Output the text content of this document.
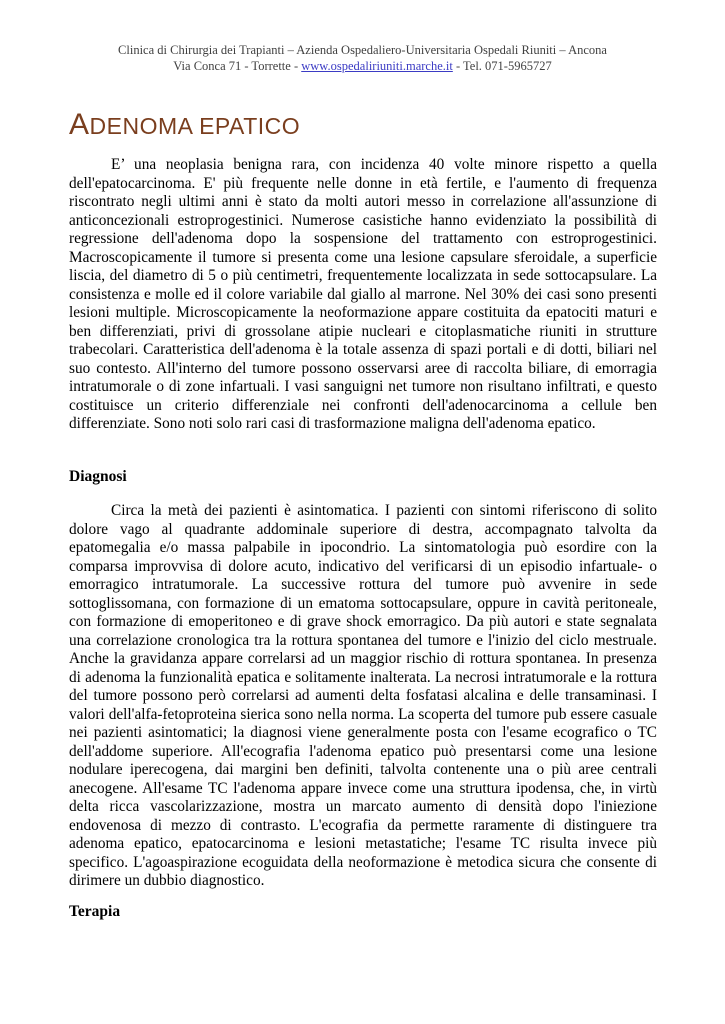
Clinica di Chirurgia dei Trapianti – Azienda Ospedaliero-Universitaria Ospedali Riuniti – Ancona
Via Conca 71 - Torrette - www.ospedaliriuniti.marche.it - Tel. 071-5965727
ADENOMA EPATICO

E’ una neoplasia benigna rara, con incidenza 40 volte minore rispetto a quella dell'epatocarcinoma. E' più frequente nelle donne in età fertile, e l'aumento di frequenza riscontrato negli ultimi anni è stato da molti autori messo in correlazione all'assunzione di anticoncezionali estroprogestinici. Numerose casistiche hanno evidenziato la possibilità di regressione dell'adenoma dopo la sospensione del trattamento con estroprogestinici. Macroscopicamente il tumore si presenta come una lesione capsulare sferoidale, a superficie liscia, del diametro di 5 o più centimetri, frequentemente localizzata in sede sottocapsulare. La consistenza e molle ed il colore variabile dal giallo al marrone. Nel 30% dei casi sono presenti lesioni multiple. Microscopicamente la neoformazione appare costituita da epatociti maturi e ben differenziati, privi di grossolane atipie nucleari e citoplasmatiche riuniti in strutture trabecolari. Caratteristica dell'adenoma è la totale assenza di spazi portali e di dotti, biliari nel suo contesto. All'interno del tumore possono osservarsi aree di raccolta biliare, di emorragia intratumorale o di zone infartuali. I vasi sanguigni net tumore non risultano infiltrati, e questo costituisce un criterio differenziale nei confronti dell'adenocarcinoma a cellule ben differenziate. Sono noti solo rari casi di trasformazione maligna dell'adenoma epatico.

Diagnosi

Circa la metà dei pazienti è asintomatica. I pazienti con sintomi riferiscono di solito dolore vago al quadrante addominale superiore di destra, accompagnato talvolta da epatomegalia e/o massa palpabile in ipocondrio. La sintomatologia può esordire con la comparsa improvvisa di dolore acuto, indicativo del verificarsi di un episodio infartuale- o emorragico intratumorale. La successive rottura del tumore può avvenire in sede sottoglissomana, con formazione di un ematoma sottocapsulare, oppure in cavità peritoneale, con formazione di emoperitoneo e di grave shock emorragico. Da più autori e state segnalata una correlazione cronologica tra la rottura spontanea del tumore e l'inizio del ciclo mestruale. Anche la gravidanza appare correlarsi ad un maggior rischio di rottura spontanea. In presenza di adenoma la funzionalità epatica e solitamente inalterata. La necrosi intratumorale e la rottura del tumore possono però correlarsi ad aumenti delta fosfatasi alcalina e delle transaminasi. I valori dell'alfa-fetoproteina sierica sono nella norma. La scoperta del tumore pub essere casuale nei pazienti asintomatici; la diagnosi viene generalmente posta con l'esame ecografico o TC dell'addome superiore. All'ecografia l'adenoma epatico può presentarsi come una lesione nodulare iperecogena, dai margini ben definiti, talvolta contenente una o più aree centrali anecogene. All'esame TC l'adenoma appare invece come una struttura ipodensa, che, in virtù delta ricca vascolarizzazione, mostra un marcato aumento di densità dopo l'iniezione endovenosa di mezzo di contrasto. L'ecografia da permette raramente di distinguere tra adenoma epatico, epatocarcinoma e lesioni metastatiche; l'esame TC risulta invece più specifico. L'agoaspirazione ecoguidata della neoformazione è metodica sicura che consente di dirimere un dubbio diagnostico.

Terapia
